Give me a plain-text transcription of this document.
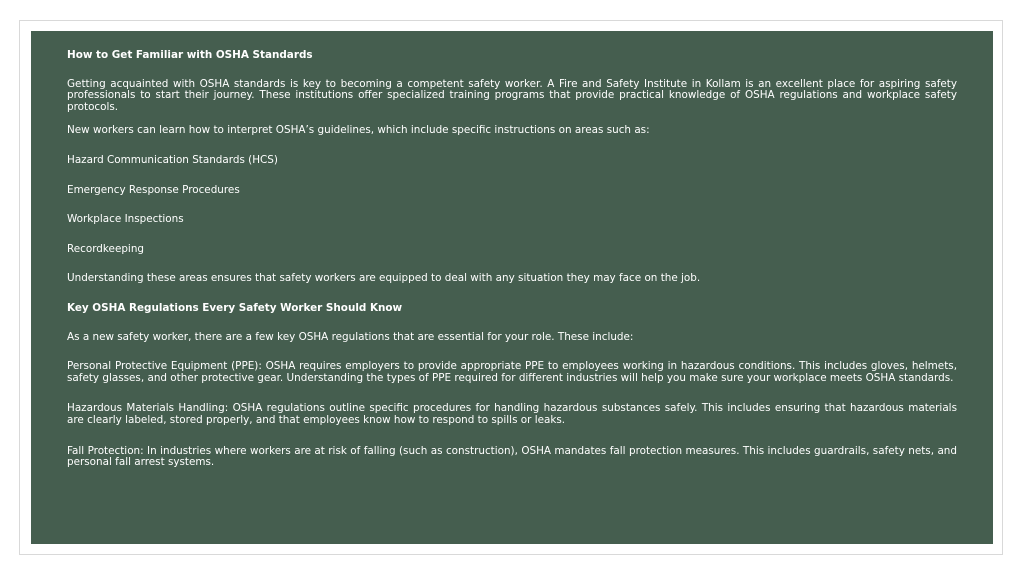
How to Get Familiar with OSHA Standards

Getting acquainted with OSHA standards is key to becoming a competent safety worker. A Fire and Safety Institute in Kollam is an excellent place for aspiring safety professionals to start their journey. These institutions offer specialized training programs that provide practical knowledge of OSHA regulations and workplace safety protocols.

New workers can learn how to interpret OSHA’s guidelines, which include specific instructions on areas such as:

Hazard Communication Standards (HCS)

Emergency Response Procedures

Workplace Inspections

Recordkeeping

Understanding these areas ensures that safety workers are equipped to deal with any situation they may face on the job.

Key OSHA Regulations Every Safety Worker Should Know

As a new safety worker, there are a few key OSHA regulations that are essential for your role. These include:

Personal Protective Equipment (PPE): OSHA requires employers to provide appropriate PPE to employees working in hazardous conditions. This includes gloves, helmets, safety glasses, and other protective gear. Understanding the types of PPE required for different industries will help you make sure your workplace meets OSHA standards.

Hazardous Materials Handling: OSHA regulations outline specific procedures for handling hazardous substances safely. This includes ensuring that hazardous materials are clearly labeled, stored properly, and that employees know how to respond to spills or leaks.

Fall Protection: In industries where workers are at risk of falling (such as construction), OSHA mandates fall protection measures. This includes guardrails, safety nets, and personal fall arrest systems.
